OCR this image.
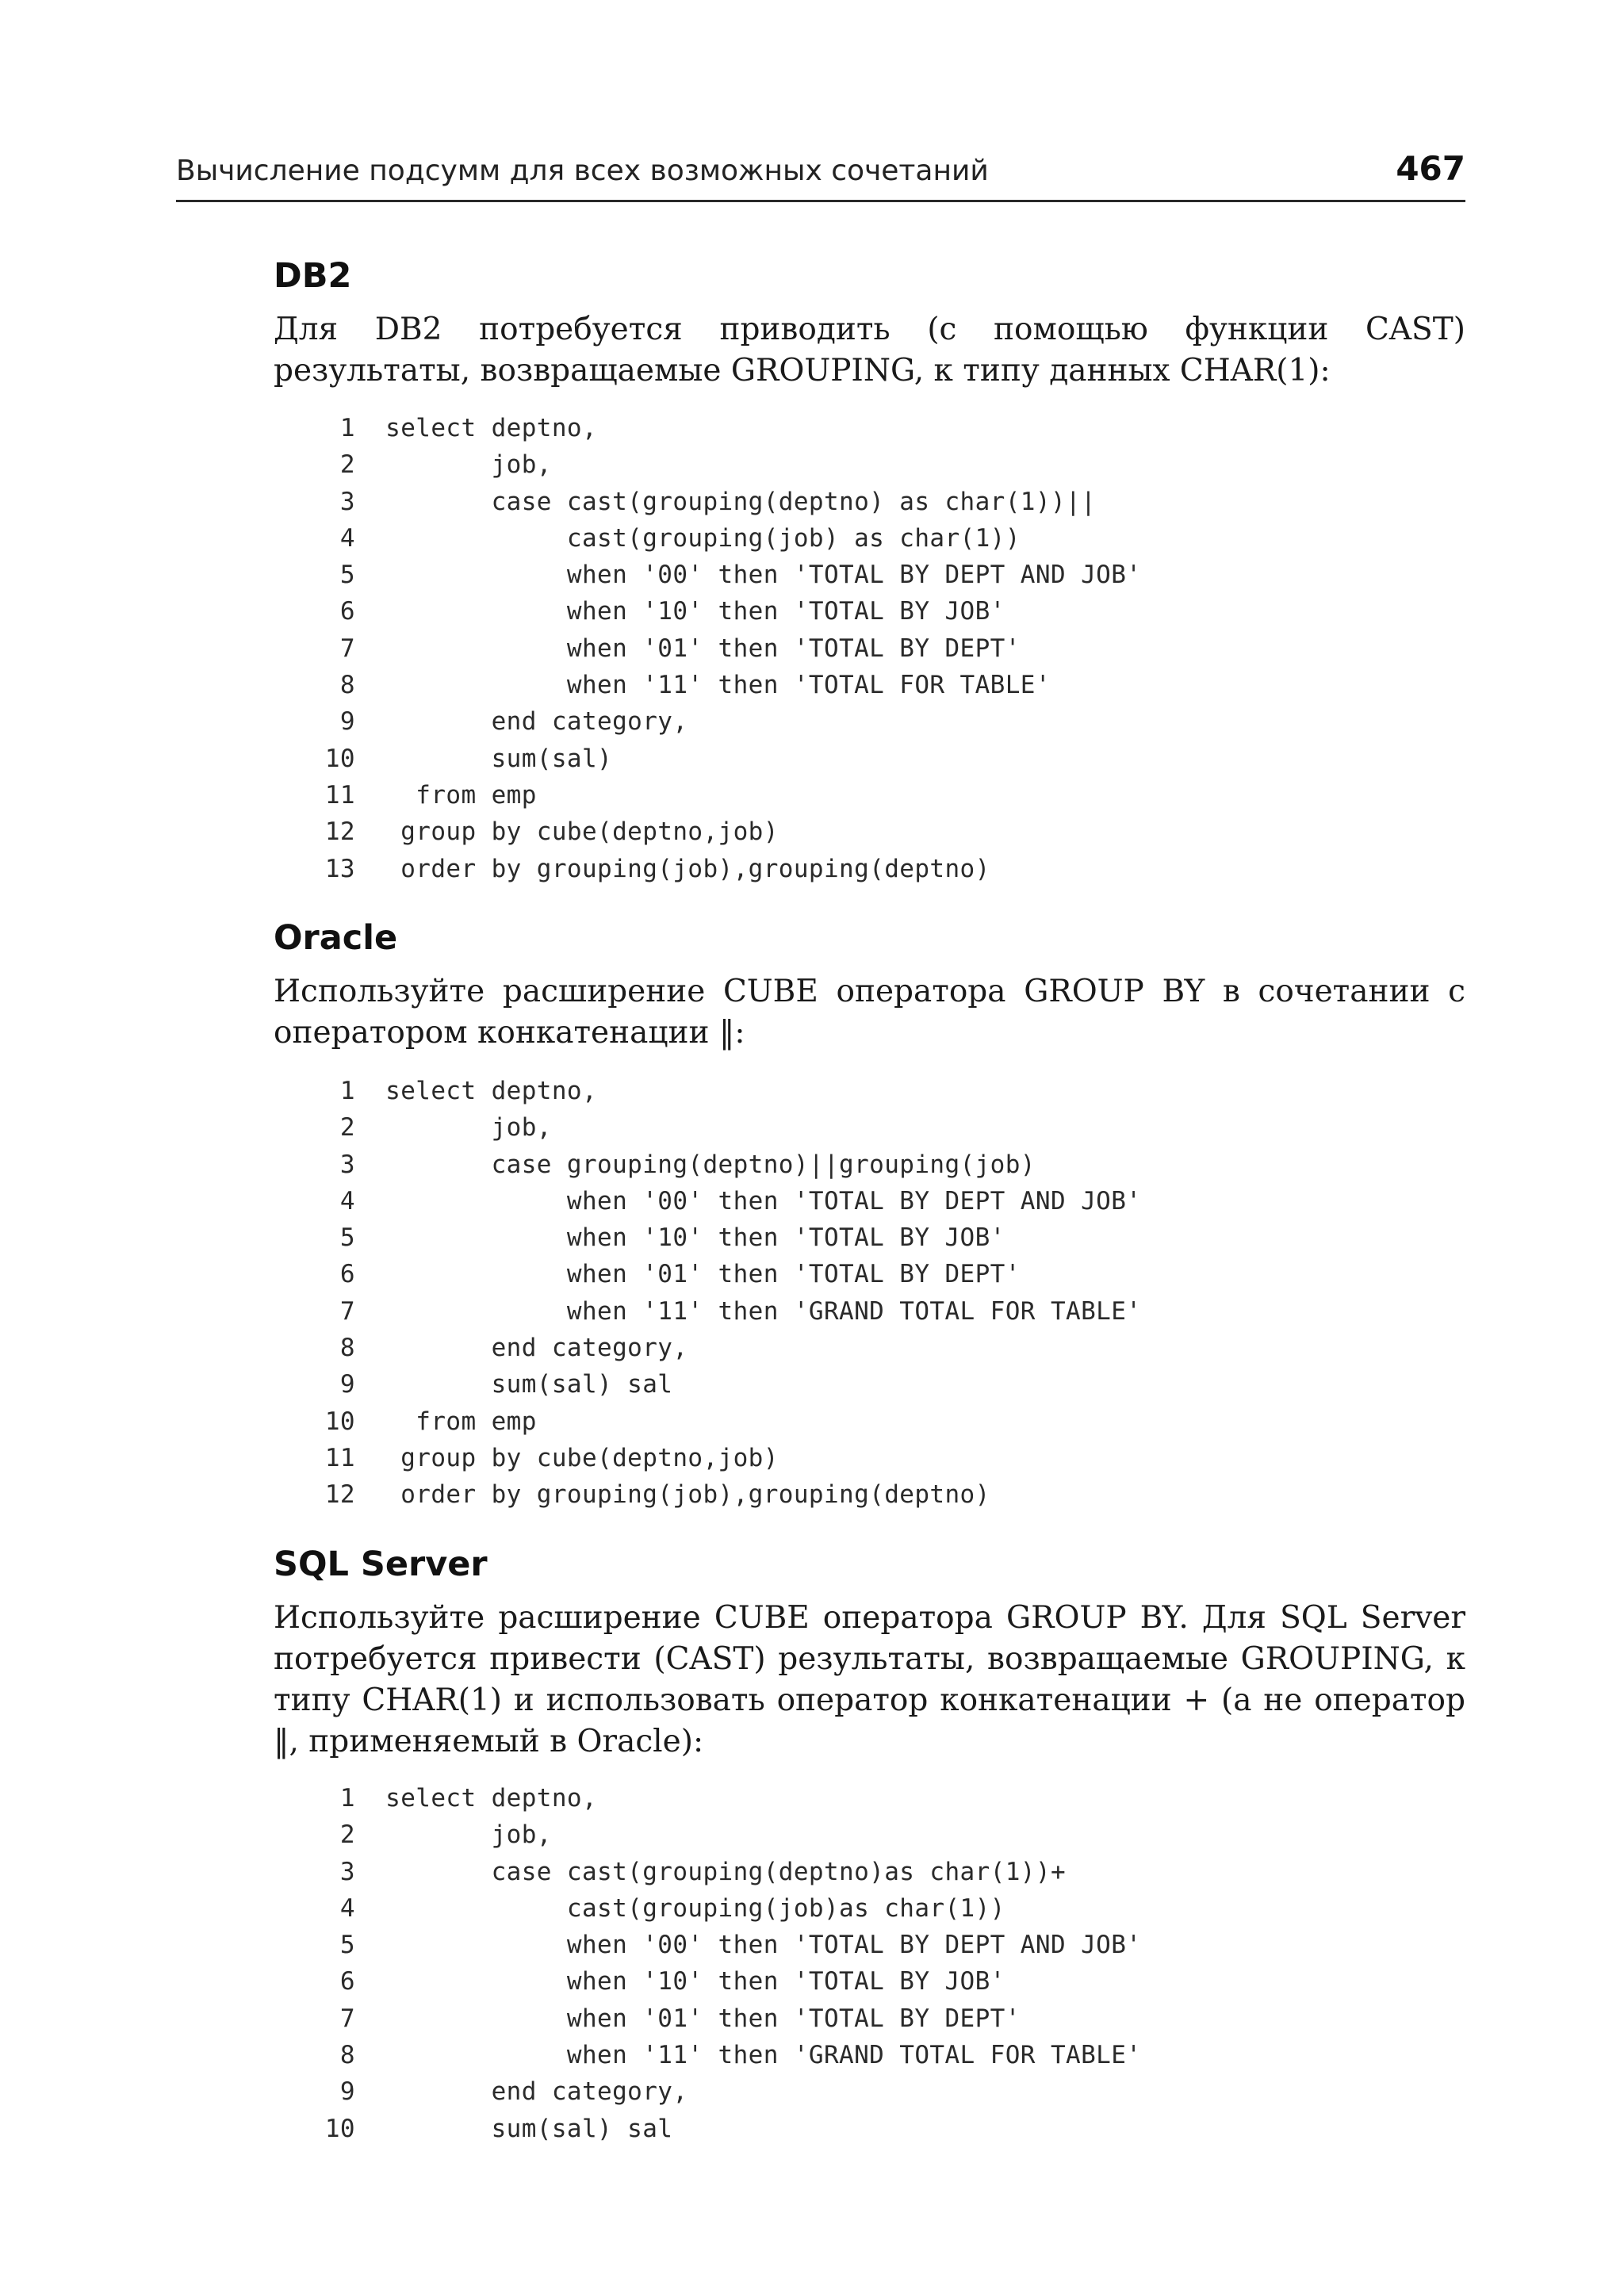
Вычисление подсумм для всех возможных сочетаний	467
DB2
Для DB2 потребуется приводить (с помощью функции CAST) результаты, возвращаемые GROUPING, к типу данных CHAR(1):
1 select deptno,
2         job,
3         case cast(grouping(deptno) as char(1))||
4              cast(grouping(job) as char(1))
5              when '00' then 'TOTAL BY DEPT AND JOB'
6              when '10' then 'TOTAL BY JOB'
7              when '01' then 'TOTAL BY DEPT'
8              when '11' then 'TOTAL FOR TABLE'
9         end category,
10         sum(sal)
11    from emp
12   group by cube(deptno,job)
13   order by grouping(job),grouping(deptno)
Oracle
Используйте расширение CUBE оператора GROUP BY в сочетании с оператором конкатенации ‖:
1 select deptno,
2         job,
3         case grouping(deptno)||grouping(job)
4              when '00' then 'TOTAL BY DEPT AND JOB'
5              when '10' then 'TOTAL BY JOB'
6              when '01' then 'TOTAL BY DEPT'
7              when '11' then 'GRAND TOTAL FOR TABLE'
8         end category,
9         sum(sal) sal
10    from emp
11   group by cube(deptno,job)
12   order by grouping(job),grouping(deptno)
SQL Server
Используйте расширение CUBE оператора GROUP BY. Для SQL Server потребуется привести (CAST) результаты, возвращаемые GROUPING, к типу CHAR(1) и использовать оператор конкатенации + (а не оператор ‖, применяемый в Oracle):
1 select deptno,
2         job,
3         case cast(grouping(deptno)as char(1))+
4              cast(grouping(job)as char(1))
5              when '00' then 'TOTAL BY DEPT AND JOB'
6              when '10' then 'TOTAL BY JOB'
7              when '01' then 'TOTAL BY DEPT'
8              when '11' then 'GRAND TOTAL FOR TABLE'
9         end category,
10         sum(sal) sal
